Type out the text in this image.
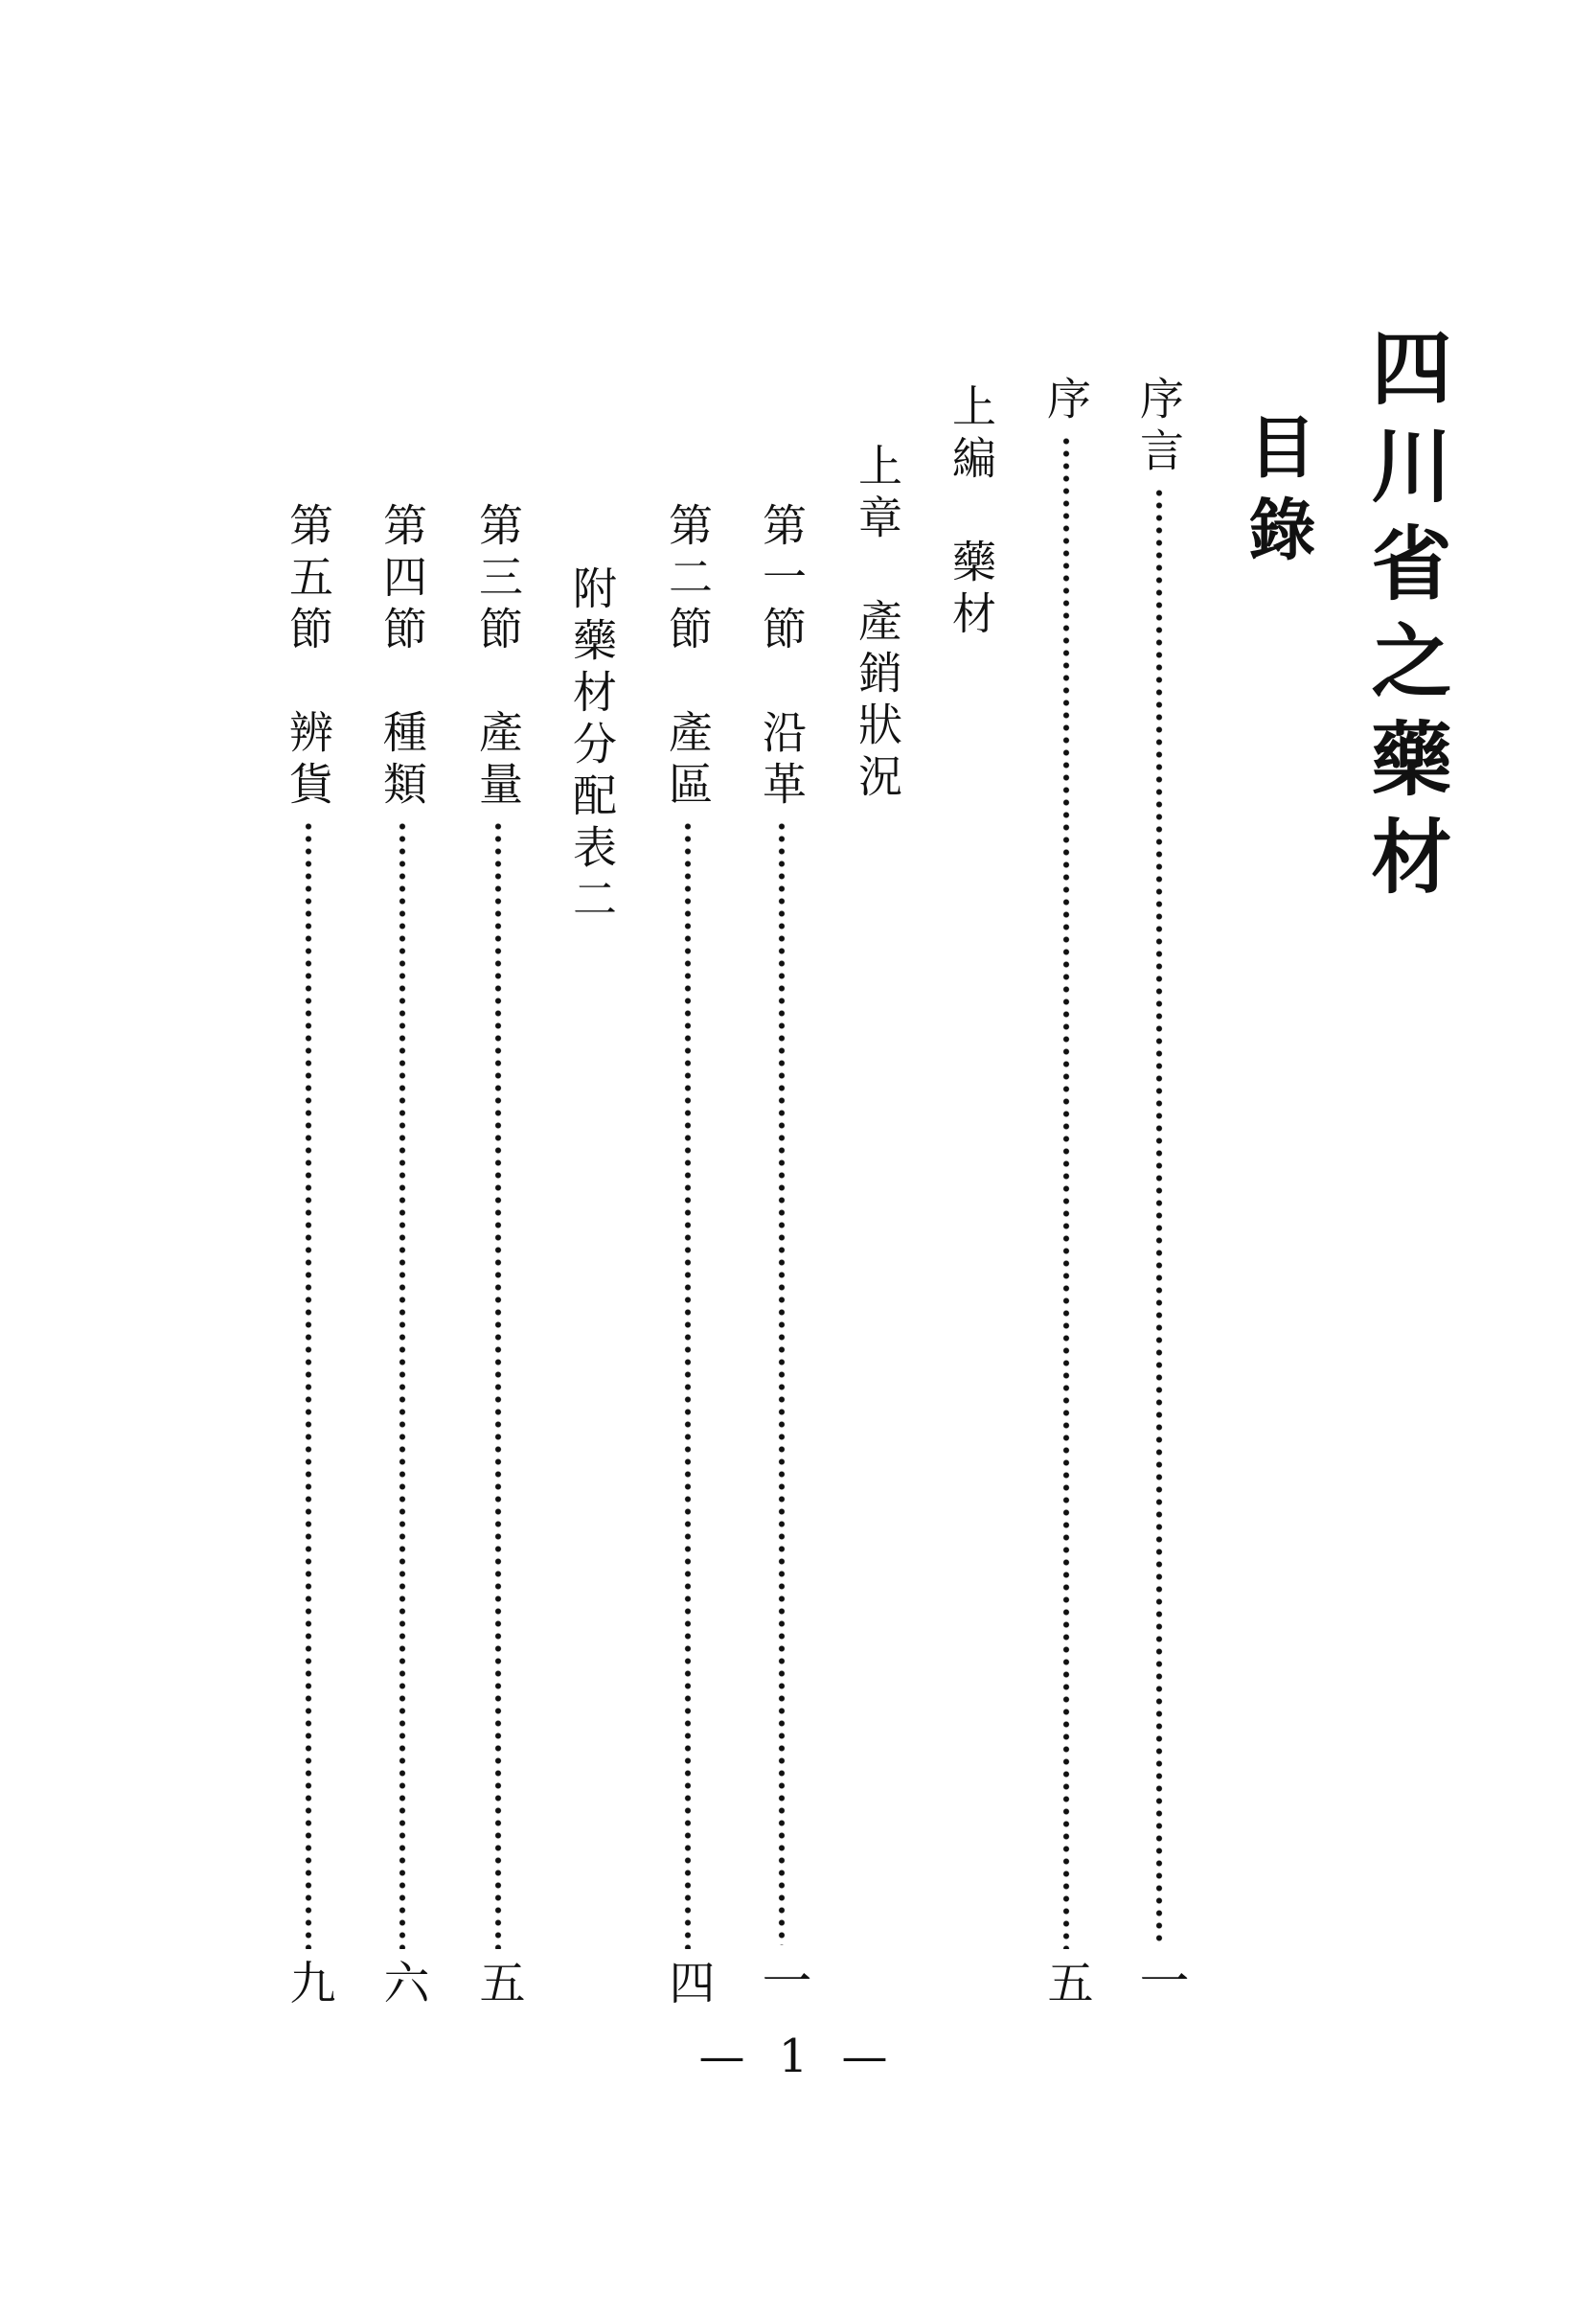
四川省之藥材
目錄
序言
一
序
五
上編　藥材
上章　產銷狀況
第一節　沿革
一
第二節　產區
四
附藥材分配表二
第三節　產量
五
第四節　種類
六
第五節　辨貨
九
— 1 —
